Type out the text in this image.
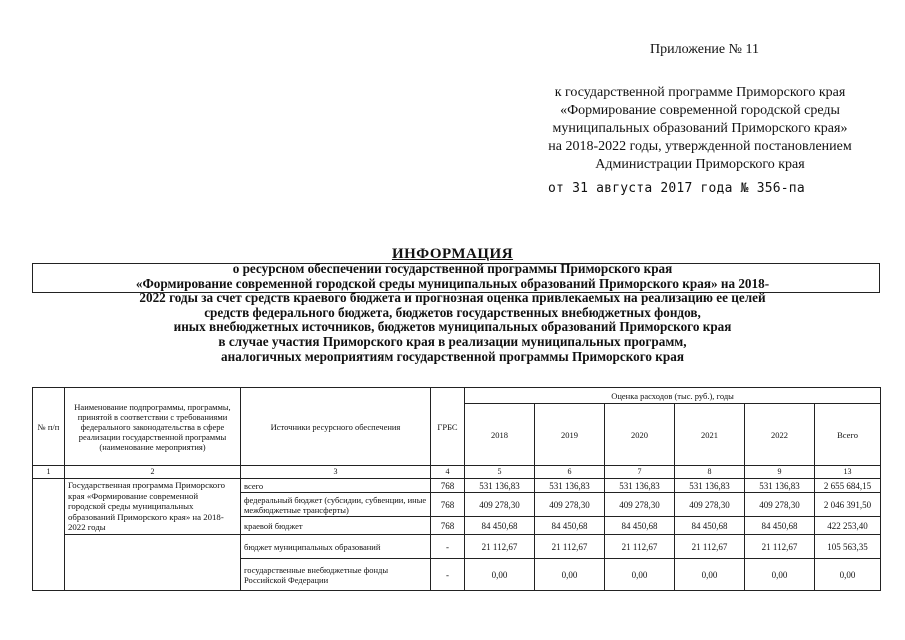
Приложение № 11
к государственной программе Приморского края
«Формирование современной городской среды
муниципальных образований Приморского края»
на 2018-2022 годы, утвержденной постановлением
Администрации Приморского края
от 31 августа 2017 года № 356-па
ИНФОРМАЦИЯ
о ресурсном обеспечении государственной программы Приморского края
«Формирование современной городской среды муниципальных образований Приморского края» на 2018-
2022 годы за счет средств краевого бюджета и прогнозная оценка привлекаемых на реализацию ее целей
средств федерального бюджета, бюджетов государственных внебюджетных фондов,
иных внебюджетных источников, бюджетов муниципальных образований Приморского края
в случае участия Приморского края в реализации муниципальных программ,
аналогичных мероприятиям государственной программы Приморского края
№ п/п	Наименование подпрограммы, программы, принятой в соответствии с требованиями федерального законодательства в сфере реализации государственной программы (наименование мероприятия)	Источники ресурсного обеспечения	ГРБС	Оценка расходов (тыс. руб.), годы					
				2018	2019	2020	2021	2022	Всего
1	2	3	4	5	6	7	8	9	13
	Государственная программа Приморского края «Формирование современной городской среды муниципальных образований Приморского края» на 2018-2022 годы	всего	768	531 136,83	531 136,83	531 136,83	531 136,83	531 136,83	2 655 684,15
		федеральный бюджет (субсидии, субвенции, иные межбюджетные трансферты)	768	409 278,30	409 278,30	409 278,30	409 278,30	409 278,30	2 046 391,50
		краевой бюджет	768	84 450,68	84 450,68	84 450,68	84 450,68	84 450,68	422 253,40
		бюджет муниципальных образований	-	21 112,67	21 112,67	21 112,67	21 112,67	21 112,67	105 563,35
		государственные внебюджетные фонды Российской Федерации	-	0,00	0,00	0,00	0,00	0,00	0,00
